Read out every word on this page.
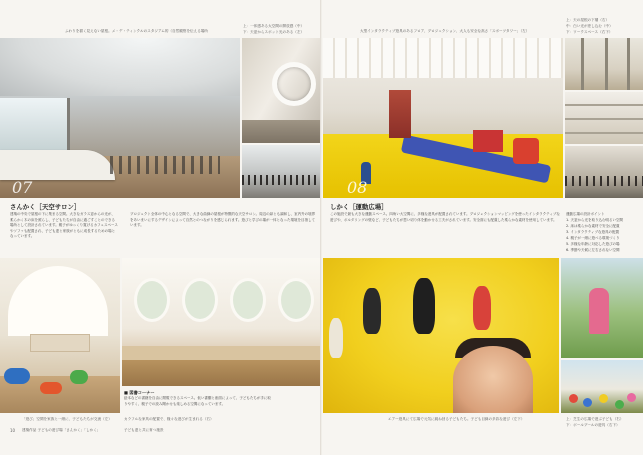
ふわりを描く見えない屋根。メ・デ・ティンクルのスタジアム的（自然観察を伝える場所
上：一体感ある大空間の開放感（中）
下：天窓からスポット光のある（左）	大型インタラクティブ遊具のあるフロア、プロジェクション、大人も安全な高さ「スポーツタワー」（左）
上：天の屋根の下層（右）
中：白い光が差し込む（中）
下：ワークスペース（右下）
07	08
さんかく［天空サロン］
建築の中央で屋根の下に集まる空間。大きなガラス窓からの光が、柔らかく木の床を照らし、子どもたちが自由に過ごすことのできる場所として設計されています。親子がゆっくり寛げるカフェスペースやソファも配置され、子ども達と家族がともに成長するための場となっています。
プロジェクト全体の中心となる空間で、大きな曲線の屋根が特徴的な天空サロン。周辺の緑とも調和し、室内外の境界をあいまいにするデザインによって自然とのつながりを感じられます。遊びと学びの場が一体となった環境を目指しています。
しかく［運動広場］
この施設で最も大きな運動スペース。四角い大空間に、多様な遊具が配置されています。プロジェクションマッピングを使ったインタラクティブな遊びや、ボルダリングの壁など、子どもたちが思い切り体を動かせる工夫がされています。安全面にも配慮した柔らかな素材を使用しています。
運動広場の設計ポイント
1. 天窓から光を取り込む明るい空間
2. 床は柔らかな素材で安全に配慮
3. インタラクティブな遊具の配置
4. 親子が一緒に遊べる環境づくり
5. 多様な年齢に対応した遊びの場
6. 季節や天候に左右されない空間
■ 図書コーナー
絵本などの書籍を自由に閲覧できるスペース。低い書棚と座面によって、子どもたちが手に取りやすく、親子での読み聞かせも楽しめる空間になっています。
「遊び」空間を家族と一緒に、子どもたちが交流（左）	カラフルな家具の配置で、様々な遊びが生まれる（右）	エアー遊具にて広場で元気に跳ね回る子どもたち。子ども目線の多彩な遊び（左下）	上：芝生の広場で遊ぶ子ども（右）
下：ボールプールの遊具（右下）
10 建築作品 子どもの遊び場「さんかく」「しかく」	子ども達と共に育つ施設
